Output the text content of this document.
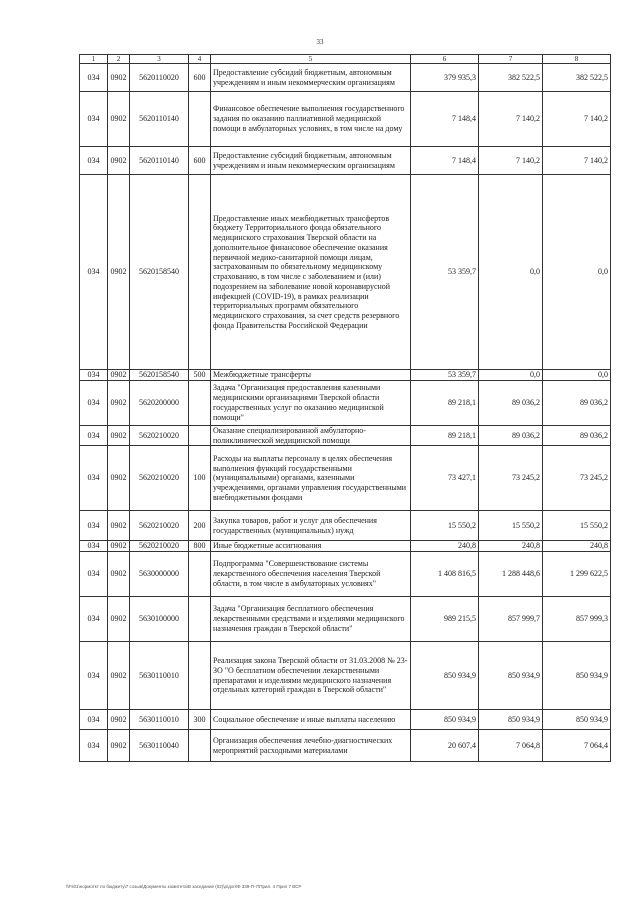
33
1	2	3	4	5	6	7	8
034	0902	5620110020	600	Предоставление субсидий бюджетным, автономным учреждениям и иным некоммерческим организациям	379 935,3	382 522,5	382 522,5
034	0902	5620110140		Финансовое обеспечение выполнения государственного задания по оказанию паллиативной медицинской помощи в амбулаторных условиях, в том числе на дому	7 148,4	7 140,2	7 140,2
034	0902	5620110140	600	Предоставление субсидий бюджетным, автономным учреждениям и иным некоммерческим организациям	7 148,4	7 140,2	7 140,2
034	0902	5620158540		Предоставление иных межбюджетных трансфертов бюджету Территориального фонда обязательного медицинского страхования Тверской области на дополнительное финансовое обеспечение оказания первичной медико-санитарной помощи лицам, застрахованным по обязательному медицинскому страхованию, в том числе с заболеванием и (или) подозрением на заболевание новой коронавирусной инфекцией (COVID-19), в рамках реализации территориальных программ обязательного медицинского страхования, за счет средств резервного фонда Правительства Российской Федерации	53 359,7	0,0	0,0
034	0902	5620158540	500	Межбюджетные трансферты	53 359,7	0,0	0,0
034	0902	5620200000		Задача "Организация предоставления казенными медицинскими организациями Тверской области государственных услуг по оказанию медицинской помощи"	89 218,1	89 036,2	89 036,2
034	0902	5620210020		Оказание специализированной амбулаторно-поликлинической медицинской помощи	89 218,1	89 036,2	89 036,2
034	0902	5620210020	100	Расходы на выплаты персоналу в целях обеспечения выполнения функций государственными (муниципальными) органами, казенными учреждениями, органами управления государственными внебюджетными фондами	73 427,1	73 245,2	73 245,2
034	0902	5620210020	200	Закупка товаров, работ и услуг для обеспечения государственных (муниципальных) нужд	15 550,2	15 550,2	15 550,2
034	0902	5620210020	800	Иные бюджетные ассигнования	240,8	240,8	240,8
034	0902	5630000000		Подпрограмма "Совершенствование системы лекарственного обеспечения населения Тверской области, в том числе в амбулаторных условиях"	1 408 816,5	1 288 448,6	1 299 622,5
034	0902	5630100000		Задача "Организация бесплатного обеспечения лекарственными средствами и изделиями медицинского назначения граждан в Тверской области"	989 215,5	857 999,7	857 999,3
034	0902	5630110010		Реализация закона Тверской области от 31.03.2008 № 23-ЗО "О бесплатном обеспечении лекарственными препаратами и изделиями медицинского назначения отдельных категорий граждан в Тверской области"	850 934,9	850 934,9	850 934,9
034	0902	5630110010	300	Социальное обеспечение и иные выплаты населению	850 934,9	850 934,9	850 934,9
034	0902	5630110040		Организация обеспечения лечебно-диагностических мероприятий расходными материалами	20 607,4	7 064,8	7 064,4
\\Fs01\нормоткт по бюджету\7 созыв\Документы комитета\В заседание (02)\р\доп\Ф 339-П-7\Прил. 4 Прил 7 ВСР
